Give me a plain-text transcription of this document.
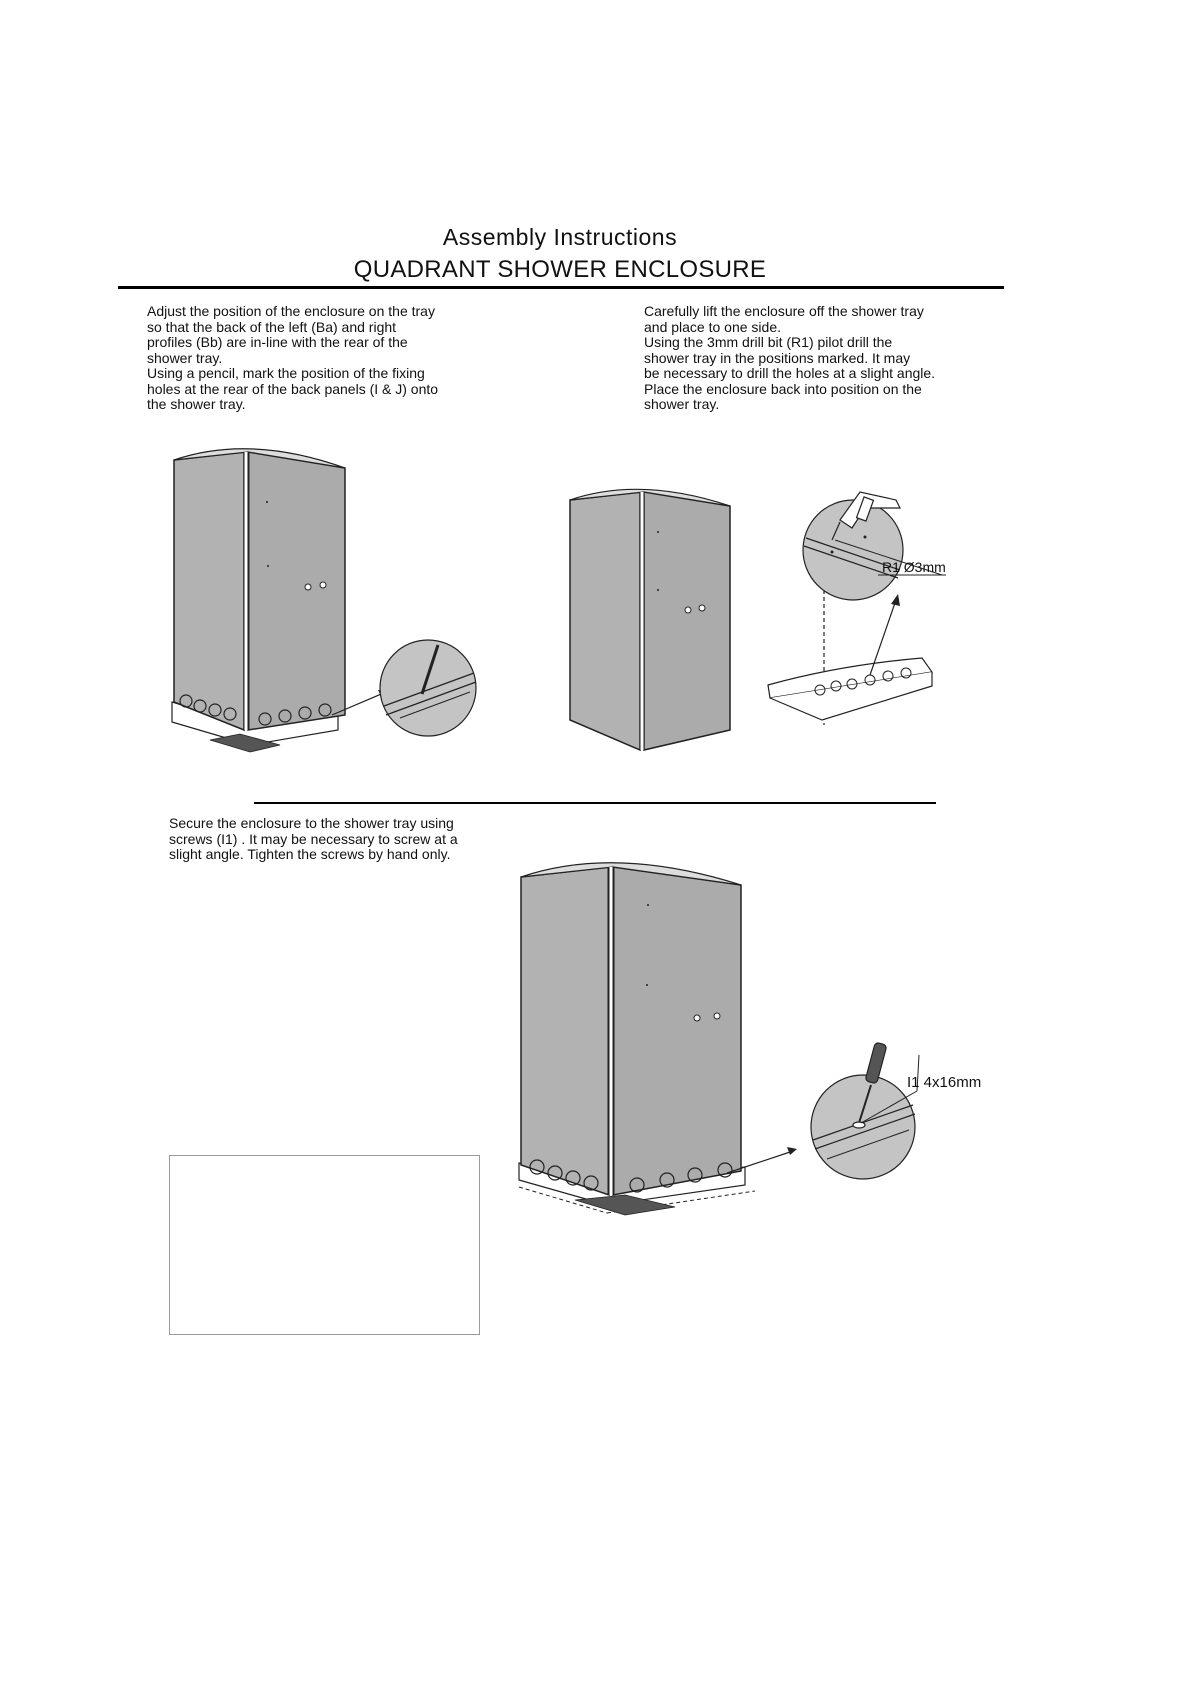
Assembly Instructions
QUADRANT SHOWER ENCLOSURE
Adjust the position of the enclosure on the tray
so that the back of the left (Ba) and right
profiles (Bb) are in-line with the rear of the
shower tray.
Using a pencil, mark the position of the fixing
holes at the rear of the back panels (I & J) onto
the shower tray.
Carefully lift the enclosure off the shower tray
and place to one side.
Using the 3mm drill bit (R1) pilot drill the
shower tray in the positions marked. It may
be necessary to drill the holes at a slight angle.
Place the enclosure back into position on the
shower tray.
R1 Ø3mm
Secure the enclosure to the shower tray using
screws (I1) . It may be necessary to screw at a
slight angle. Tighten the screws by hand only.
I1 4x16mm
